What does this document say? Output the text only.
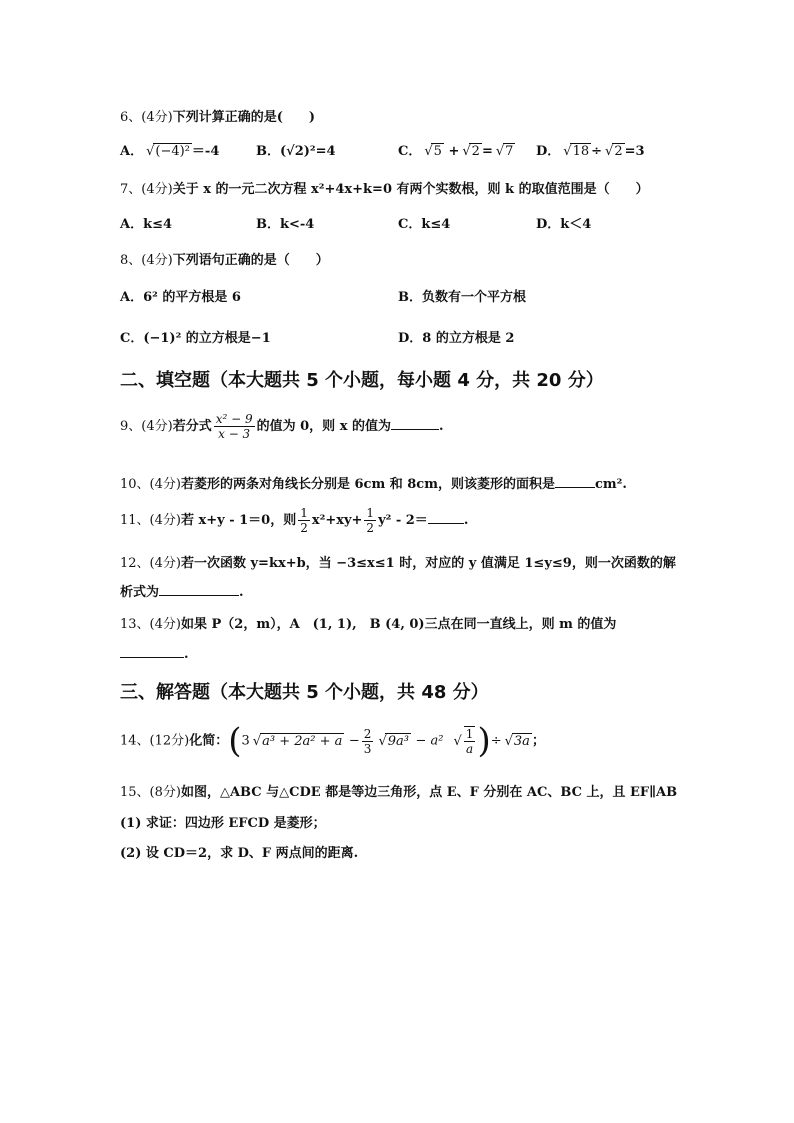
6、(4分)下列计算正确的是(　　)
A． √ (−4)² ＝-4	B．(√2)²=4	C． √ 5 + √ 2 = √ 7 D． √ 18 ÷ √ 2 =3
7、(4分)关于 x 的一元二次方程 x²+4x+k=0 有两个实数根，则 k 的取值范围是（　　）
A．k≤4	B．k<-4	C．k≤4	D．k＜4
8、(4分)下列语句正确的是（　　）
A．6² 的平方根是 6	B．负数有一个平方根
C．(−1)² 的立方根是−1	D．8 的立方根是 2
二、填空题（本大题共 5 个小题，每小题 4 分，共 20 分）
9、(4分)若分式 $\frac{\text{x² − 9}}{x - 3}$ 的值为 0，则 x 的值为	.
10、(4分)若菱形的两条对角线长分别是 6cm 和 8cm，则该菱形的面积是	cm².
11、(4分)若 x+y - 1＝0，则 $\frac{1}{2} x^2+xy+ \frac{1}{2} y^2 - 2=$	.
12、(4分)若一次函数 y=kx+b，当 −3≤x≤1 时，对应的 y 值满足 1≤y≤9，则一次函数的解
析式为	.
13、(4分)如果 P（2，m），A　(1, 1),　B (4, 0)三点在同一直线上，则 m 的值为
.
三、解答题（本大题共 5 个小题，共 48 分）
14、(12分)化简：(3 √ $a^3 + 2a^2 + a - \frac{2}{3}$ √ 9a³ − a² √ $\frac{1}{a}$ )÷ √ 3a ；
15、(8分)如图，△ABC 与△CDE 都是等边三角形，点 E、F 分别在 AC、BC 上，且 EF∥AB
(1) 求证：四边形 EFCD 是菱形；
(2) 设 CD＝2，求 D、F 两点间的距离.
